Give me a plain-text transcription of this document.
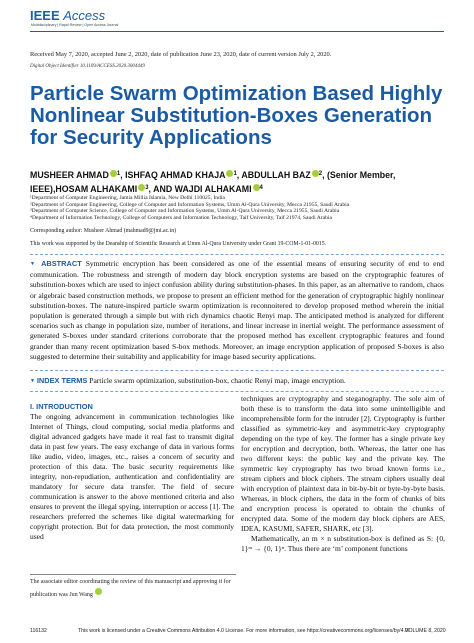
IEEE Access
Multidisciplinary | Rapid Review | Open Access Journal
Received May 7, 2020, accepted June 2, 2020, date of publication June 23, 2020, date of current version July 2, 2020.
Digital Object Identifier 10.1109/ACCESS.2020.3004449
Particle Swarm Optimization Based Highly Nonlinear Substitution-Boxes Generation for Security Applications
MUSHEER AHMAD $^1$, ISHFAQ AHMAD KHAJA $^1$, ABDULLAH BAZ $^2$, (Senior Member, IEEE),HOSAM ALHAKAMI $^3$, AND WAJDI ALHAKAMI $^4$
¹Department of Computer Engineering, Jamia Millia Islamia, New Delhi 110025, India
²Department of Computer Engineering, College of Computer and Information Systems, Umm Al-Qura University, Mecca 21955, Saudi Arabia
³Department of Computer Science, College of Computer and Information Systems, Umm Al-Qura University, Mecca 21955, Saudi Arabia
⁴Department of Information Technology, College of Computers and Information Technology, Taif University, Taif 21974, Saudi Arabia
Corresponding author: Musheer Ahmad (mahmad9@jmi.ac.in)
This work was supported by the Deanship of Scientific Research at Umm Al-Qura University under Grant 19-COM-1-01-0015.
▼ ABSTRACT Symmetric encryption has been considered as one of the essential means of ensuring security of end to end communication. The robustness and strength of modern day block encryption systems are based on the cryptographic features of substitution-boxes which are used to inject confusion ability during substitution-phases. In this paper, as an alternative to random, chaos or algebraic based construction methods, we propose to present an efficient method for the generation of cryptographic highly nonlinear substitution-boxes. The nature-inspired particle swarm optimization is reconnoitered to develop proposed method wherein the initial population is generated through a simple but with rich dynamics chaotic Renyi map. The anticipated method is analyzed for different scenarios such as change in population size, number of iterations, and linear increase in inertial weight. The performance assessment of generated S-boxes under standard criterions corroborate that the proposed method has excellent cryptographic features and found grander than many recent optimization based S-box methods. Moreover, an image encryption application of proposed S-boxes is also suggested to determine their suitability and applicability for image based security applications.
▼ INDEX TERMS Particle swarm optimization, substitution-box, chaotic Renyi map, image encryption.
I. INTRODUCTION
The ongoing advancement in communication technologies like Internet of Things, cloud computing, social media platforms and digital advanced gadgets have made it real fast to transmit digital data in past few years. The easy exchange of data in various forms like audio, video, images, etc., raises a concern of security and protection of this data. The basic security requirements like integrity, non-repudiation, authentication and confidentiality are mandatory for secure data transfer. The field of secure communication is answer to the above mentioned criteria and also ensures to prevent the illegal spying, interruption or access [1]. The researchers preferred the schemes like digital watermarking for copyright protection. But for data protection, the most commonly used
The associate editor coordinating the review of this manuscript and approving it for publication was Jun Wang
techniques are cryptography and steganography. The sole aim of both these is to transform the data into some unintelligible and incomprehensible form for the intruder [2]. Cryptography is further classified as symmetric-key and asymmetric-key cryptography depending on the type of key. The former has a single private key for encryption and decryption, both. Whereas, the latter one has two different keys: the public key and the private key. The symmetric key cryptography has two broad known forms i.e., stream ciphers and block ciphers. The stream ciphers usually deal with encryption of plaintext data in bit-by-bit or byte-by-byte basis. Whereas, in block ciphers, the data in the form of chunks of bits and encryption process is operated to obtain the chunks of encrypted data. Some of the modern day block ciphers are AES, IDEA, KASUMI, SAFER, SHARK, etc [3].
Mathematically, an m × n substitution-box is defined as S: {0, 1}ᵐ → {0, 1}ⁿ. Thus there are ‘m’ component functions
116132	This work is licensed under a Creative Commons Attribution 4.0 License. For more information, see https://creativecommons.org/licenses/by/4.0/
VOLUME 8, 2020
